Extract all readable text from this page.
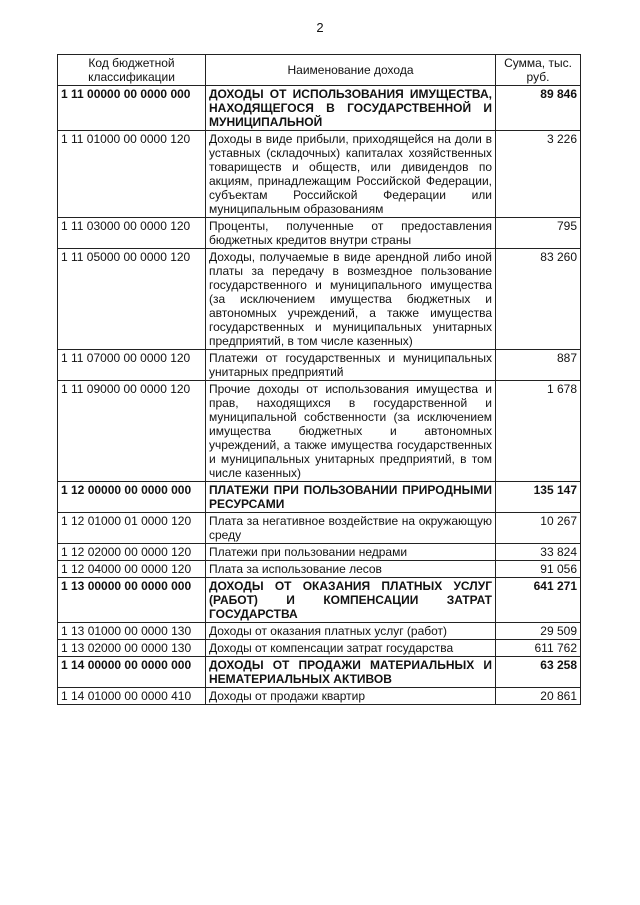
2
Код бюджетной классификации	Наименование дохода	Сумма, тыс. руб.
1 11 00000 00 0000 000	ДОХОДЫ ОТ ИСПОЛЬЗОВАНИЯ ИМУЩЕСТВА, НАХОДЯЩЕГОСЯ В ГОСУДАРСТВЕННОЙ И МУНИЦИПАЛЬНОЙ	89 846
1 11 01000 00 0000 120	Доходы в виде прибыли, приходящейся на доли в уставных (складочных) капиталах хозяйственных товариществ и обществ, или дивидендов по акциям, принадлежащим Российской Федерации, субъектам Российской Федерации или муниципальным образованиям	3 226
1 11 03000 00 0000 120	Проценты, полученные от предоставления бюджетных кредитов внутри страны	795
1 11 05000 00 0000 120	Доходы, получаемые в виде арендной либо иной платы за передачу в возмездное пользование государственного и муниципального имущества (за исключением имущества бюджетных и автономных учреждений, а также имущества государственных и муниципальных унитарных предприятий, в том числе казенных)	83 260
1 11 07000 00 0000 120	Платежи от государственных и муниципальных унитарных предприятий	887
1 11 09000 00 0000 120	Прочие доходы от использования имущества и прав, находящихся в государственной и муниципальной собственности (за исключением имущества бюджетных и автономных учреждений, а также имущества государственных и муниципальных унитарных предприятий, в том числе казенных)	1 678
1 12 00000 00 0000 000	ПЛАТЕЖИ ПРИ ПОЛЬЗОВАНИИ ПРИРОДНЫМИ РЕСУРСАМИ	135 147
1 12 01000 01 0000 120	Плата за негативное воздействие на окружающую среду	10 267
1 12 02000 00 0000 120	Платежи при пользовании недрами	33 824
1 12 04000 00 0000 120	Плата за использование лесов	91 056
1 13 00000 00 0000 000	ДОХОДЫ ОТ ОКАЗАНИЯ ПЛАТНЫХ УСЛУГ (РАБОТ) И КОМПЕНСАЦИИ ЗАТРАТ ГОСУДАРСТВА	641 271
1 13 01000 00 0000 130	Доходы от оказания платных услуг (работ)	29 509
1 13 02000 00 0000 130	Доходы от компенсации затрат государства	611 762
1 14 00000 00 0000 000	ДОХОДЫ ОТ ПРОДАЖИ МАТЕРИАЛЬНЫХ И НЕМАТЕРИАЛЬНЫХ АКТИВОВ	63 258
1 14 01000 00 0000 410	Доходы от продажи квартир	20 861
